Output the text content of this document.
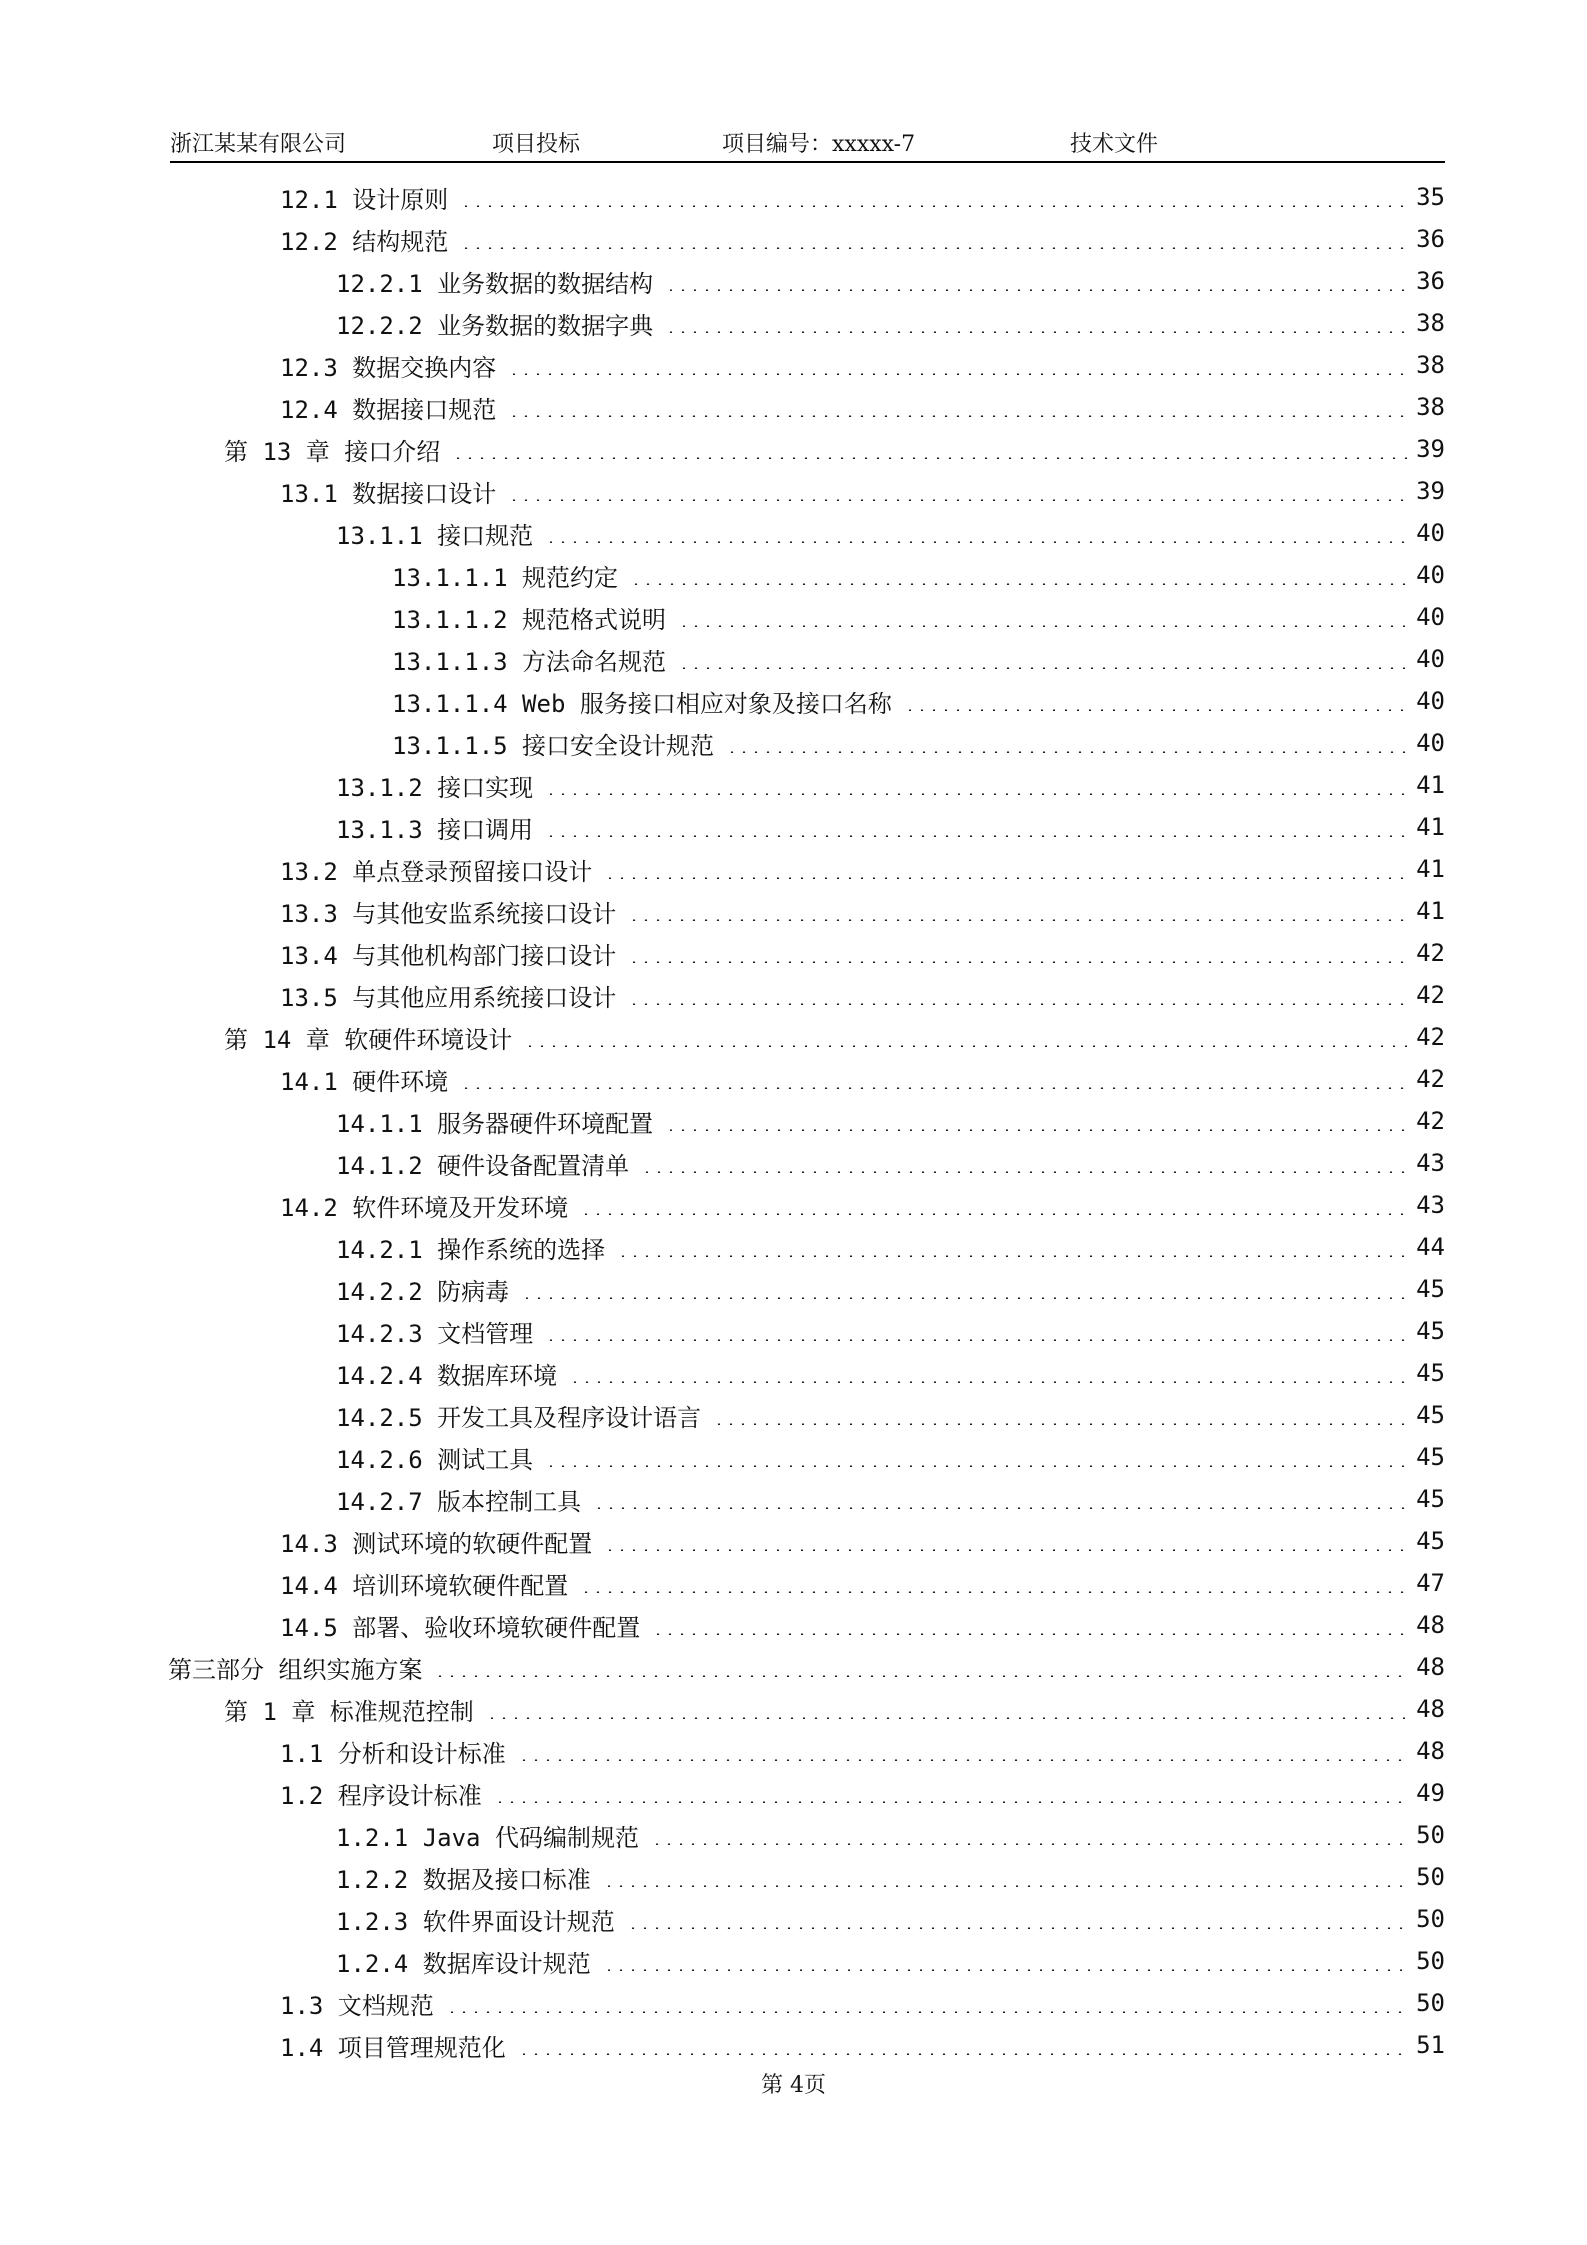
浙江某某有限公司	项目投标	项目编号：xxxxx-7	技术文件
12.1 设计原则	35
12.2 结构规范	36
12.2.1 业务数据的数据结构	36
12.2.2 业务数据的数据字典	38
12.3 数据交换内容	38
12.4 数据接口规范	38
第 13 章 接口介绍	39
13.1 数据接口设计	39
13.1.1 接口规范	40
13.1.1.1 规范约定	40
13.1.1.2 规范格式说明	40
13.1.1.3 方法命名规范	40
13.1.1.4 Web 服务接口相应对象及接口名称	40
13.1.1.5 接口安全设计规范	40
13.1.2 接口实现	41
13.1.3 接口调用	41
13.2 单点登录预留接口设计	41
13.3 与其他安监系统接口设计	41
13.4 与其他机构部门接口设计	42
13.5 与其他应用系统接口设计	42
第 14 章 软硬件环境设计	42
14.1 硬件环境	42
14.1.1 服务器硬件环境配置	42
14.1.2 硬件设备配置清单	43
14.2 软件环境及开发环境	43
14.2.1 操作系统的选择	44
14.2.2 防病毒	45
14.2.3 文档管理	45
14.2.4 数据库环境	45
14.2.5 开发工具及程序设计语言	45
14.2.6 测试工具	45
14.2.7 版本控制工具	45
14.3 测试环境的软硬件配置	45
14.4 培训环境软硬件配置	47
14.5 部署、验收环境软硬件配置	48
第三部分 组织实施方案	48
第 1 章 标准规范控制	48
1.1 分析和设计标准	48
1.2 程序设计标准	49
1.2.1 Java 代码编制规范	50
1.2.2 数据及接口标准	50
1.2.3 软件界面设计规范	50
1.2.4 数据库设计规范	50
1.3 文档规范	50
1.4 项目管理规范化	51
第 4页
